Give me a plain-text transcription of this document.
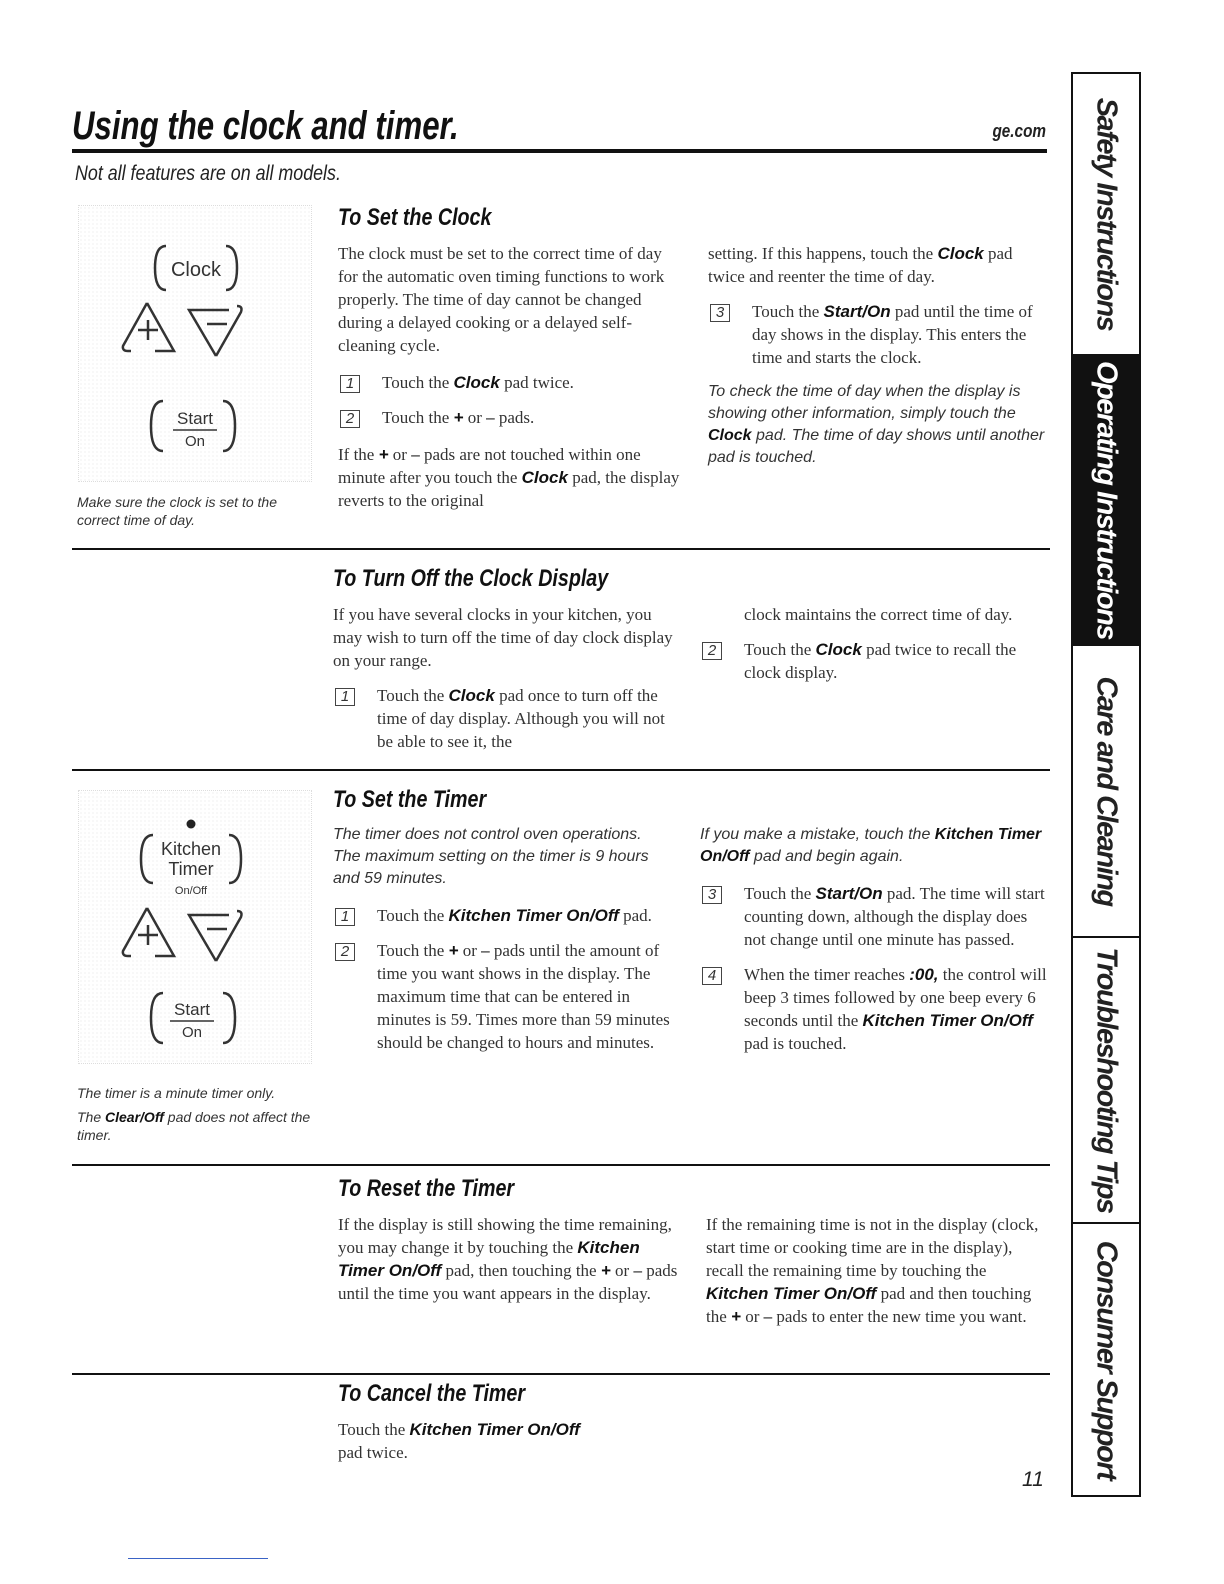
Using the clock and timer.	ge.com
Not all features are on all models.
Clock
Start
On
Make sure the clock is set to the
correct time of day.
To Set the Clock

The clock must be set to the correct time of day for the automatic oven timing functions to work properly. The time of day cannot be changed during a delayed cooking or a delayed self-cleaning cycle.

1	Touch the Clock pad twice.
2	Touch the + or – pads.

If the + or – pads are not touched within one minute after you touch the Clock pad, the display reverts to the original

setting. If this happens, touch the Clock pad twice and reenter the time of day.

3	Touch the Start/On pad until the time of day shows in the display. This enters the time and starts the clock.

To check the time of day when the display is showing other information, simply touch the Clock pad. The time of day shows until another pad is touched.

To Turn Off the Clock Display

If you have several clocks in your kitchen, you may wish to turn off the time of day clock display on your range.

1	Touch the Clock pad once to turn off the time of day display. Although you will not be able to see it, the

clock maintains the correct time of day.

2	Touch the Clock pad twice to recall the clock display.
Kitchen
Timer
On/Off
Start
On
The timer is a minute timer only.
The Clear/Off pad does not affect the
timer.
To Set the Timer

The timer does not control oven operations.

The maximum setting on the timer is 9 hours and 59 minutes.

1	Touch the Kitchen Timer On/Off pad.
2	Touch the + or – pads until the amount of time you want shows in the display. The maximum time that can be entered in minutes is 59. Times more than 59 minutes should be changed to hours and minutes.

If you make a mistake, touch the Kitchen Timer On/Off pad and begin again.

3	Touch the Start/On pad. The time will start counting down, although the display does not change until one minute has passed.
4	When the timer reaches :00, the control will beep 3 times followed by one beep every 6 seconds until the Kitchen Timer On/Off pad is touched.
To Reset the Timer

If the display is still showing the time remaining, you may change it by touching the Kitchen Timer On/Off pad, then touching the + or – pads until the time you want appears in the display.

If the remaining time is not in the display (clock, start time or cooking time are in the display), recall the remaining time by touching the Kitchen Timer On/Off pad and then touching the + or – pads to enter the new time you want.

To Cancel the Timer

Touch the Kitchen Timer On/Off pad twice.

Safety Instructions
Operating Instructions
Care and Cleaning
Troubleshooting Tips
Consumer Support
11
